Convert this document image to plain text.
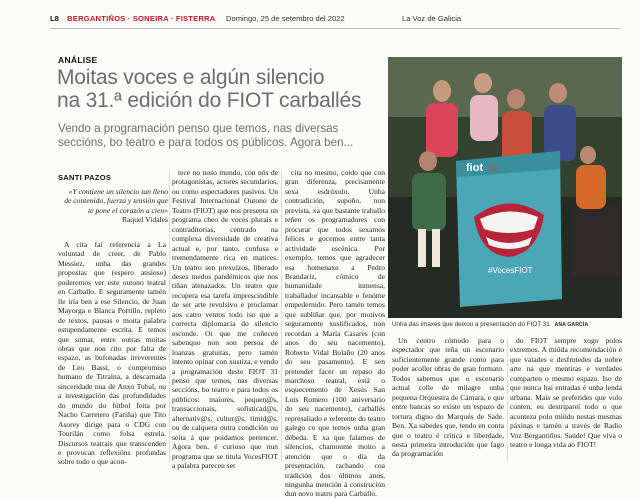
L8 BERGANTIÑOS · SONEIRA · FISTERRA Domingo, 25 de setembro del 2022	La Voz de Galicia
ANÁLISE
Moitas voces e algún silencio
na 31.ª edición do FIOT carballés

Vendo a programación penso que temos, nas diversas seccións, bo teatro e para todos os públicos. Agora ben...

fiot 31
#VocesFIOT
Unha das imaxes que deixou a presentación do FIOT 31. ANA GARCÍA
SANTI PAZOS
«Y contiene un silencio tan lleno de contenido, fuerza y tensión que te pone el corazón a cien»
Raquel Vidales

A cita fai referencia a La voluntad de creer, de Pablo Messiez, unha das grandes propostas que (espero ansioso) poderemos ver este outono teatral en Carballo. E seguramente tamén lle iría ben a ese Silencio, de Juan Mayorga e Blanca Portillo, repleto de textos, pausas e moita palabra estupendamente escrita. E temos que sumar, entre outras moitas obras que non cito por falta de espazo, as bufonadas irreverentes de Leo Bassi, o compromiso humano de Titraina, a descarnada sinceridade nua de Anxo Tubal, ou a investigación das profundidades do mundo do fútbol feita por Nacho Carretero (Fariña) que Tito Asorey dirige para o CDG con Tourilán como folsa estrela. Discursos teatrais que transcenden e provocan reflexións profundas sobre todo o que acon-

tece no noso mundo, con nós de protagonistas, actores secundarios, ou como espectadores pasivos. Un Festival Internacional Outono de Teatro (FIOT) que nos presenta un programa cheo de voces plurais e contraditorias, centrado na complexa diversidade de creativa actual e, por tanto, confusa e tremendamente rica en matices. Un teatro sen prexuízos, liberado deses medos pandémicos que nos tiñan atenazados. Un teatro que recupera esa tarefa imprescindible de ser arte revulsivo e proclamar aos catro ventos todo iso que a correcta diplomacia do silencio esconde. Oi que me coñecen sabenquo non son persoa de loanzas gratuitas, pero tamén intento opinar con xustiza, e vendo a programación deste FIOT 31 penso que temos, nas diversas seccións, bo teatro e para todos os públicos: maiores, pequen@s, transaccionais, sofisticad@s, alternativ@s, cultur@s, tímid@s, ou de calquera outra condición ou seita á que poidamos pertencer. Agora ben, é curioso que nun programa que se titula VocesFIOT a palabra pareceu ser

cita no mesmo, coido que con gran diferenza, precisamente sexa esdrúxulo. Unha contradición, supoño, non prevista, xa que bastante traballo teñen os programadores con procurar que todos sexamos felices e gocemos entre tanta actividade escénica. Por exemplo, temos que agradecer esa homenaxe a Pedro Brandariz, cómico de humanidade inmensa, traballador incansable e fenóme empedernido. Pero tamén temos que subliñar que, por motivos seguramente xustificados, non recordan a María Casares (con anos do seu nacemento), Roberto Vidal Bolaño (20 anos do seu pasamento). E sen pretender facer un repaso do marchoso teatral, está o esquecemento de Xesús San Luis Romero (100 aniversario do seu nacemento), carballés represaliado e referente do teatro galego co que temos unha gran débeda. E xa que falamos de silencios, chamoume moito a atención que o día da presentación, rachando coa tradición dos últimos anos, ningunha mención á construción dun novo teatro para Carballo.

Un centro cómodo para o espectador que teña un escenario suficientemente grande como para poder acoller obras de gran formato. Todos sabemos que o escenario actual colle de milagre unha pequena Orquestra de Cámara, e que entre bancas so existe un espazo de tortura digno do Marqués de Sade. Ben. Xa sabedes que, tendo en conta que o teatro é crítica e liberdade, nesta primeira introdución que fago da programación

do FIOT sempre xogo polos extremos. A miúda recomendación é que vaiades e desfrutedes da nobre arte na que mentiras e verdades comparten o mesmo espazo. Iso de que nunca hai entradas é unha lenda urbana. Mais se preferides que volo conten, eu destripareí todo o que aconteza polo miúdo nestas mesmas páxinas e tamén a través de Radio Voz Bergantiños. Saúde! Que viva o teatro e longa vida ao FIOT!
